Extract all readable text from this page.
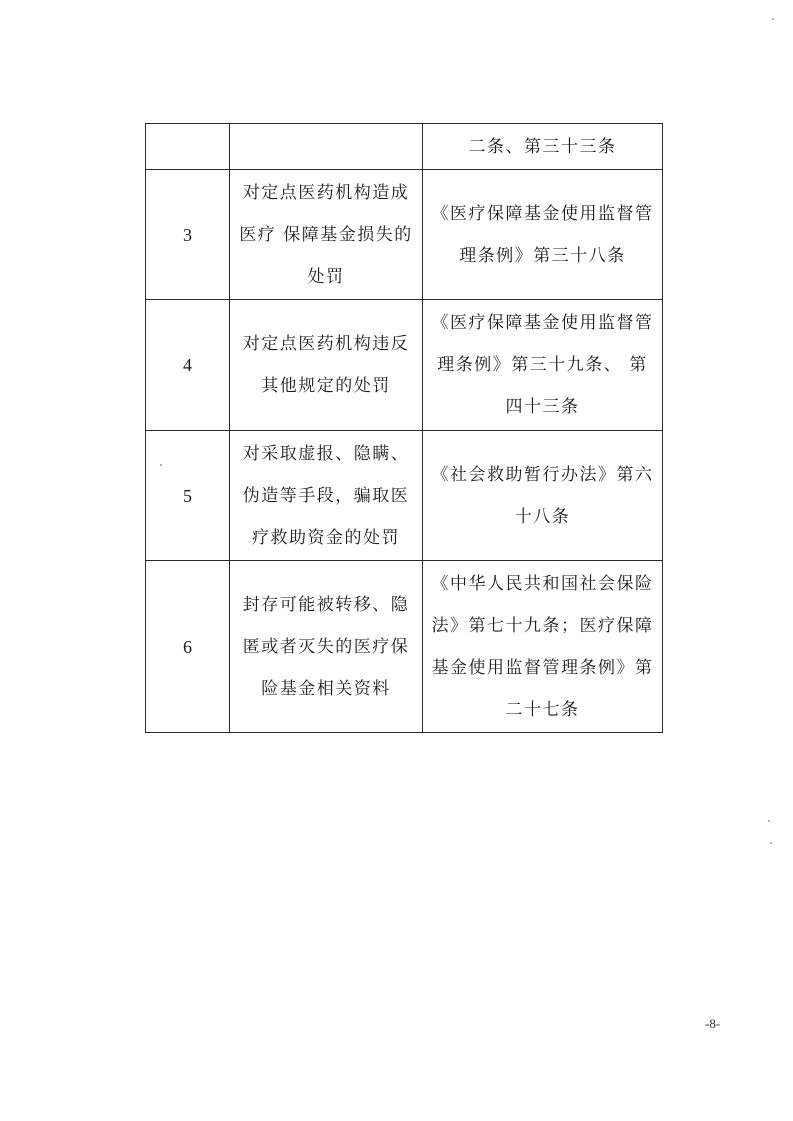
		二条、第三十三条

3	对定点医药机构造成医疗 保障基金损失的处罚	《医疗保障基金使用监督管理条例》第三十八条

4	对定点医药机构违反其他规定的处罚	《医疗保障基金使用监督管理条例》第三十九条、 第四十三条

5	对采取虚报、隐瞒、伪造等手段，骗取医疗救助资金的处罚	《社会救助暂行办法》第六十八条

6	封存可能被转移、隐匿或者灭失的医疗保险基金相关资料	《中华人民共和国社会保险法》第七十九条；医疗保障基金使用监督管理条例》第二十七条
-8-
